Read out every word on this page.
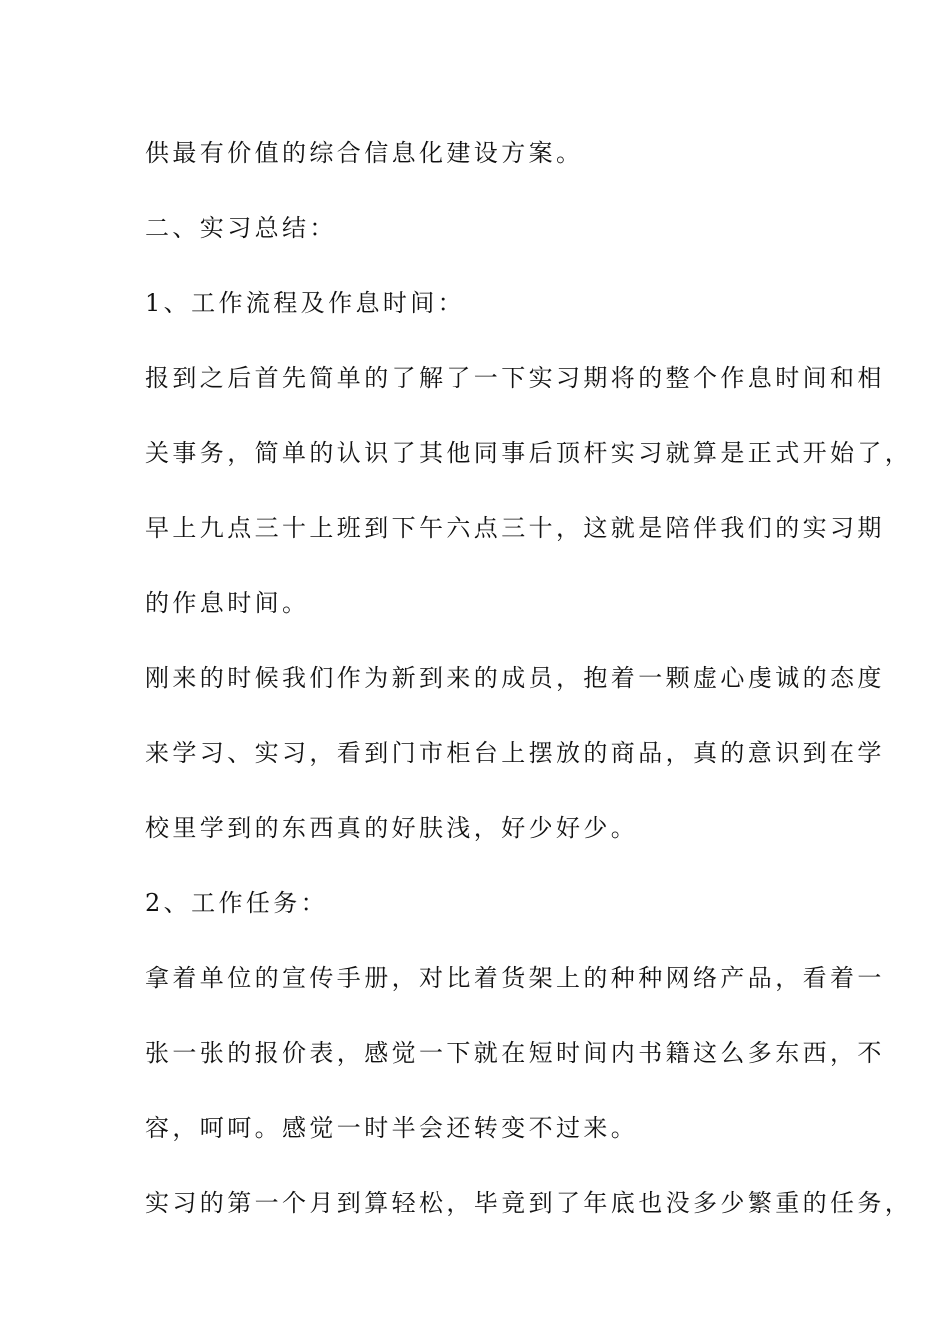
供最有价值的综合信息化建设方案。
二、实习总结：
1、工作流程及作息时间：
报到之后首先简单的了解了一下实习期将的整个作息时间和相
关事务，简单的认识了其他同事后顶杆实习就算是正式开始了，
早上九点三十上班到下午六点三十，这就是陪伴我们的实习期
的作息时间。
刚来的时候我们作为新到来的成员，抱着一颗虚心虔诚的态度
来学习、实习，看到门市柜台上摆放的商品，真的意识到在学
校里学到的东西真的好肤浅，好少好少。
2、工作任务：
拿着单位的宣传手册，对比着货架上的种种网络产品，看着一
张一张的报价表，感觉一下就在短时间内书籍这么多东西，不
容，呵呵。感觉一时半会还转变不过来。
实习的第一个月到算轻松，毕竟到了年底也没多少繁重的任务，
